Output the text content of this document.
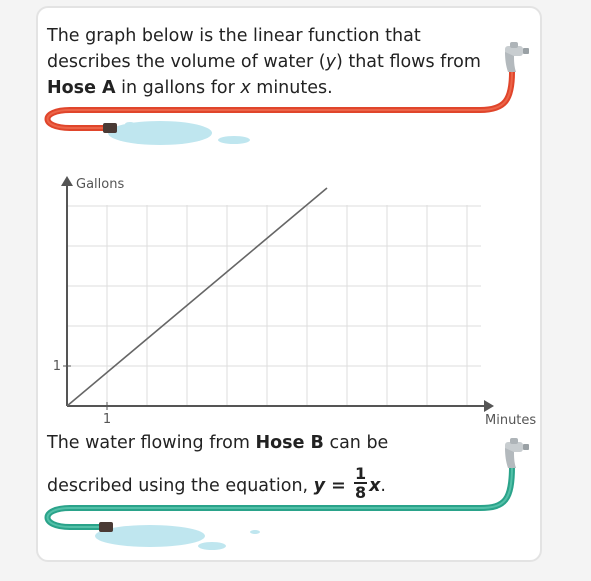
The graph below is the linear function that
describes the volume of water (y) that flows from
Hose A in gallons for x minutes.

Gallons
Minutes
1
1

The water flowing from Hose B can be
described using the equation, $y = \frac{1}{8} x$.
